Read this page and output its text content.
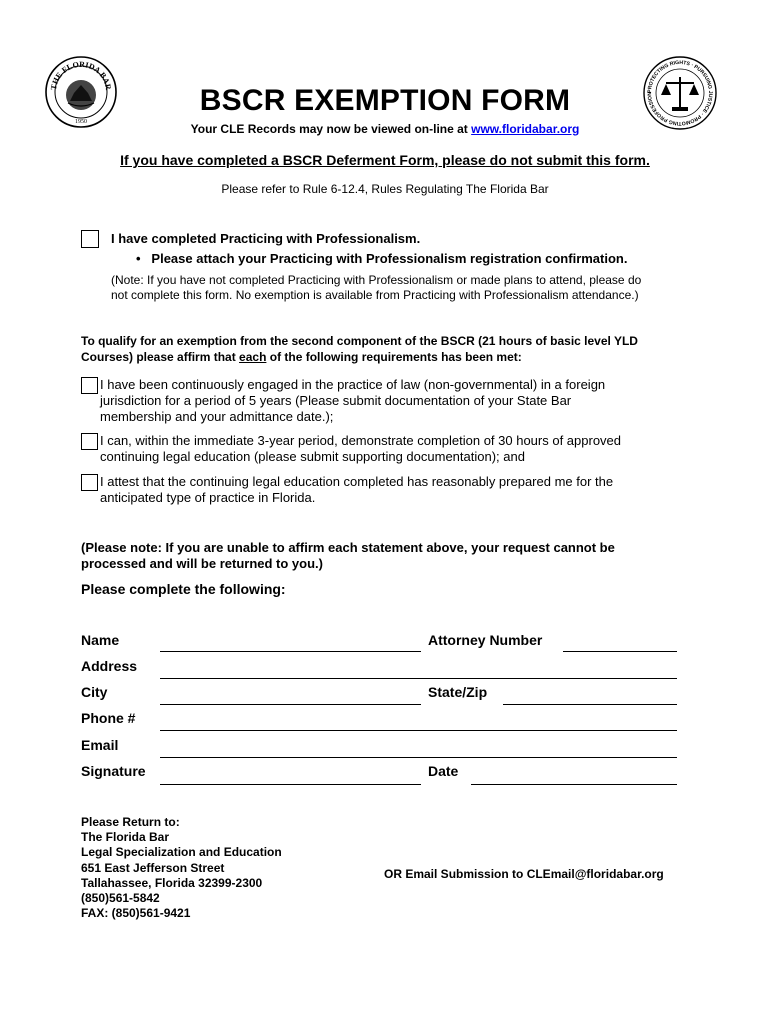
THE FLORIDA BAR
1950
PROTECTING RIGHTS · PURSUING JUSTICE · PROMOTING PROFESSION
BSCR EXEMPTION FORM
Your CLE Records may now be viewed on-line at www.floridabar.org
If you have completed a BSCR Deferment Form, please do not submit this form.
Please refer to Rule 6-12.4, Rules Regulating The Florida Bar
I have completed Practicing with Professionalism.
• Please attach your Practicing with Professionalism registration confirmation.
(Note: If you have not completed Practicing with Professionalism or made plans to attend, please do
not complete this form. No exemption is available from Practicing with Professionalism attendance.)
To qualify for an exemption from the second component of the BSCR (21 hours of basic level YLD
Courses) please affirm that each of the following requirements has been met:
I have been continuously engaged in the practice of law (non-governmental) in a foreign
jurisdiction for a period of 5 years (Please submit documentation of your State Bar
membership and your admittance date.);
I can, within the immediate 3-year period, demonstrate completion of 30 hours of approved
continuing legal education (please submit supporting documentation); and
I attest that the continuing legal education completed has reasonably prepared me for the
anticipated type of practice in Florida.
(Please note: If you are unable to affirm each statement above, your request cannot be
processed and will be returned to you.)
Please complete the following:
Name	Attorney Number
Address
City	State/Zip
Phone #
Email
Signature	Date
Please Return to:
The Florida Bar
Legal Specialization and Education
651 East Jefferson Street
Tallahassee, Florida 32399-2300
(850)561-5842
FAX: (850)561-9421
OR Email Submission to CLEmail@floridabar.org
